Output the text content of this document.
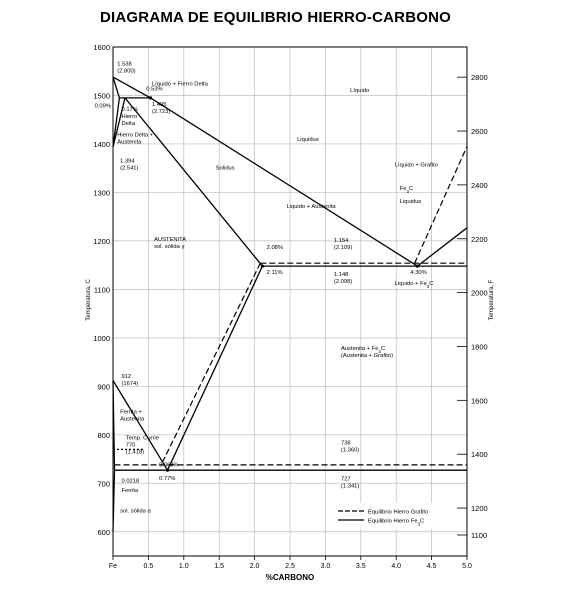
DIAGRAMA DE EQUILIBRIO HIERRO-CARBONO
Fe	0.5	1.0	1.5	2.0	2.5	3.0	3.5	4.0	4.5	5.0
600
700
800
900
1000
1100
1200
1300
1400
1500
1600
1100
1200
1400
1600
1800
2000
2200
2400
2600
2800
%CARBONO
Temperatura, C	Temperatura, F
1.538 (2.800)
Líquido + Fierro Delta
0.53%
0.09%
0.17% Hierro Delta
1.495 (2.723)
Hierro Delta + Austenita
1.394 (2.541)	Solidus
Liquidus
Líquido
Liquido + Austenita
Líquido + Grafito
$Fe_3C$
Liquidus
AUSTENITA sol. sólida γ	2.08%
2.11%
1.154 (2.109)
1.148 (2.098)
4.30%
Liquido + $Fe_3C$
912 (1674)
Austenita + $Fe_3C$ (Austenita + Grafito)
Ferrita + Austenita
Temp. Currie 770 (1.418)
0.068%
0.77%
738 (1.360)
727 (1.341)
0.0218
Ferrita
sol. sólida α	Equilibrio Hierro Grafito
Equilibrio Hierro $Fe_3C$
